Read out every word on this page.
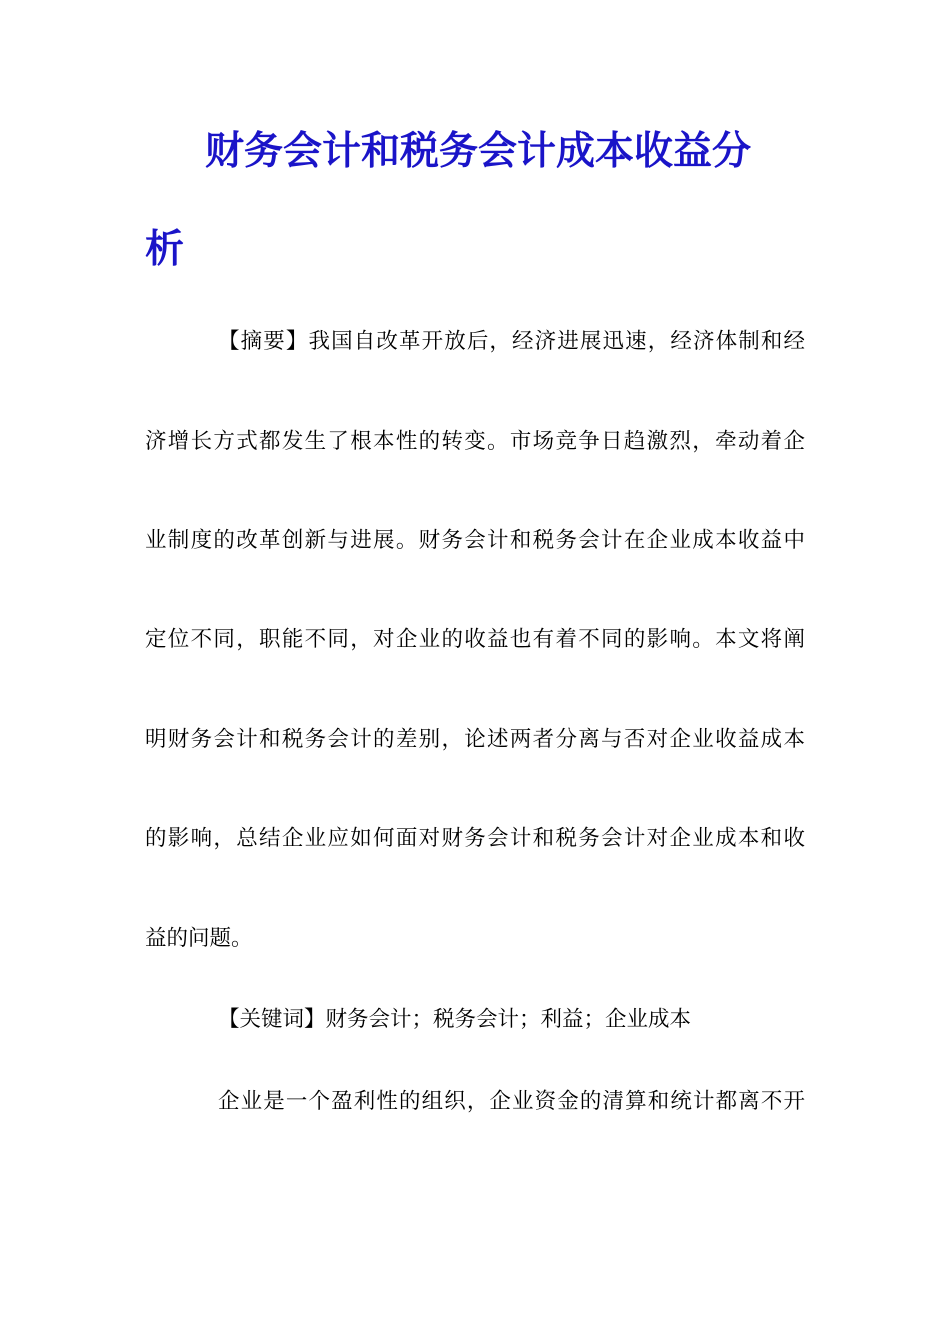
财务会计和税务会计成本收益分
析

【摘要】我国自改革开放后，经济进展迅速，经济体制和经

济增长方式都发生了根本性的转变。市场竞争日趋激烈，牵动着企

业制度的改革创新与进展。财务会计和税务会计在企业成本收益中

定位不同，职能不同，对企业的收益也有着不同的影响。本文将阐

明财务会计和税务会计的差别，论述两者分离与否对企业收益成本

的影响，总结企业应如何面对财务会计和税务会计对企业成本和收

益的问题。

【关键词】财务会计；税务会计；利益；企业成本

企业是一个盈利性的组织，企业资金的清算和统计都离不开
